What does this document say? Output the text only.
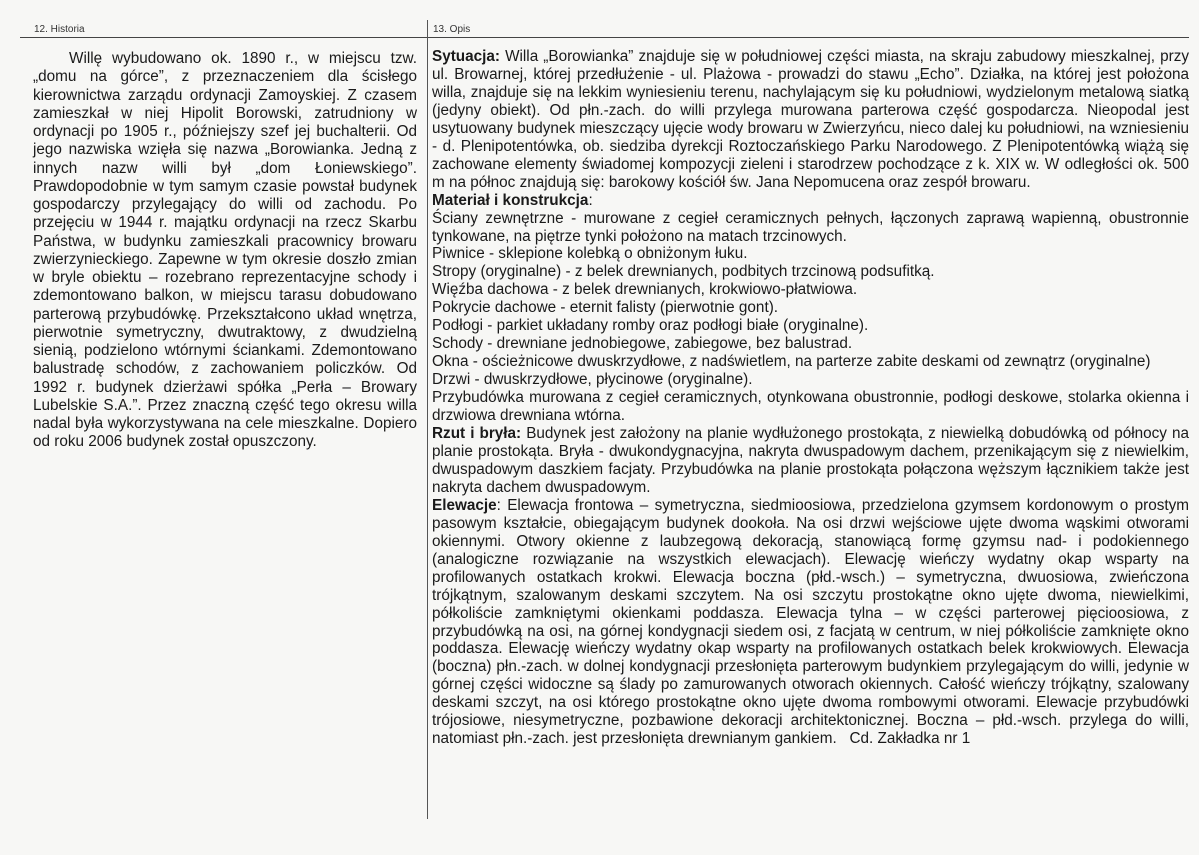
12. Historia	13. Opis

Willę wybudowano ok. 1890 r., w miejscu tzw. „domu na górce”, z przeznaczeniem dla ścisłego kierownictwa zarządu ordynacji Zamoyskiej. Z czasem zamieszkał w niej Hipolit Borowski, zatrudniony w ordynacji po 1905 r., późniejszy szef jej buchalterii. Od jego nazwiska wzięła się nazwa „Borowianka. Jedną z innych nazw willi był „dom Łoniewskiego”. Prawdopodobnie w tym samym czasie powstał budynek gospodarczy przylegający do willi od zachodu. Po przejęciu w 1944 r. majątku ordynacji na rzecz Skarbu Państwa, w budynku zamieszkali pracownicy browaru zwierzynieckiego. Zapewne w tym okresie doszło zmian w bryle obiektu – rozebrano reprezentacyjne schody i zdemontowano balkon, w miejscu tarasu dobudowano parterową przybudówkę. Przekształcono układ wnętrza, pierwotnie symetryczny, dwutraktowy, z dwudzielną sienią, podzielono wtórnymi ściankami. Zdemontowano balustradę schodów, z zachowaniem policzków. Od 1992 r. budynek dzierżawi spółka „Perła – Browary Lubelskie S.A.”. Przez znaczną część tego okresu willa nadal była wykorzystywana na cele mieszkalne. Dopiero od roku 2006 budynek został opuszczony.

Sytuacja: Willa „Borowianka” znajduje się w południowej części miasta, na skraju zabudowy mieszkalnej, przy ul. Browarnej, której przedłużenie - ul. Plażowa - prowadzi do stawu „Echo”. Działka, na której jest położona willa, znajduje się na lekkim wyniesieniu terenu, nachylającym się ku południowi, wydzielonym metalową siatką (jedyny obiekt). Od płn.-zach. do willi przylega murowana parterowa część gospodarcza. Nieopodal jest usytuowany budynek mieszczący ujęcie wody browaru w Zwierzyńcu, nieco dalej ku południowi, na wzniesieniu - d. Plenipotentówka, ob. siedziba dyrekcji Roztoczańskiego Parku Narodowego. Z Plenipotentówką wiążą się zachowane elementy świadomej kompozycji zieleni i starodrzew pochodzące z k. XIX w. W odległości ok. 500 m na północ znajdują się: barokowy kościół św. Jana Nepomucena oraz zespół browaru.

Materiał i konstrukcja:

Ściany zewnętrzne - murowane z cegieł ceramicznych pełnych, łączonych zaprawą wapienną, obustronnie tynkowane, na piętrze tynki położono na matach trzcinowych.

Piwnice - sklepione kolebką o obniżonym łuku.

Stropy (oryginalne) - z belek drewnianych, podbitych trzcinową podsufitką.

Więźba dachowa - z belek drewnianych, krokwiowo-płatwiowa.

Pokrycie dachowe - eternit falisty (pierwotnie gont).

Podłogi - parkiet układany romby oraz podłogi białe (oryginalne).

Schody - drewniane jednobiegowe, zabiegowe, bez balustrad.

Okna - ościeżnicowe dwuskrzydłowe, z nadświetlem, na parterze zabite deskami od zewnątrz (oryginalne)

Drzwi - dwuskrzydłowe, płycinowe (oryginalne).

Przybudówka murowana z cegieł ceramicznych, otynkowana obustronnie, podłogi deskowe, stolarka okienna i drzwiowa drewniana wtórna.

Rzut i bryła: Budynek jest założony na planie wydłużonego prostokąta, z niewielką dobudówką od północy na planie prostokąta. Bryła - dwukondygnacyjna, nakryta dwuspadowym dachem, przenikającym się z niewielkim, dwuspadowym daszkiem facjaty. Przybudówka na planie prostokąta połączona węższym łącznikiem także jest nakryta dachem dwuspadowym.

Elewacje: Elewacja frontowa – symetryczna, siedmioosiowa, przedzielona gzymsem kordonowym o prostym pasowym kształcie, obiegającym budynek dookoła. Na osi drzwi wejściowe ujęte dwoma wąskimi otworami okiennymi. Otwory okienne z laubzegową dekoracją, stanowiącą formę gzymsu nad- i podokiennego (analogiczne rozwiązanie na wszystkich elewacjach). Elewację wieńczy wydatny okap wsparty na profilowanych ostatkach krokwi. Elewacja boczna (płd.-wsch.) – symetryczna, dwuosiowa, zwieńczona trójkątnym, szalowanym deskami szczytem. Na osi szczytu prostokątne okno ujęte dwoma, niewielkimi, półkoliście zamkniętymi okienkami poddasza. Elewacja tylna – w części parterowej pięcioosiowa, z przybudówką na osi, na górnej kondygnacji siedem osi, z facjatą w centrum, w niej półkoliście zamknięte okno poddasza. Elewację wieńczy wydatny okap wsparty na profilowanych ostatkach belek krokwiowych. Elewacja (boczna) płn.-zach. w dolnej kondygnacji przesłonięta parterowym budynkiem przylegającym do willi, jedynie w górnej części widoczne są ślady po zamurowanych otworach okiennych. Całość wieńczy trójkątny, szalowany deskami szczyt, na osi którego prostokątne okno ujęte dwoma rombowymi otworami. Elewacje przybudówki trójosiowe, niesymetryczne, pozbawione dekoracji architektonicznej. Boczna – płd.-wsch. przylega do willi, natomiast płn.-zach. jest przesłonięta drewnianym gankiem.   Cd. Zakładka nr 1
